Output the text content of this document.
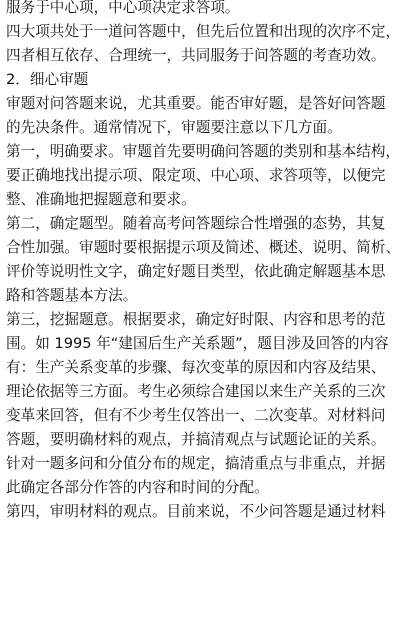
服务于中心项，中心项决定求答项。
四大项共处于一道问答题中，但先后位置和出现的次序不定，
四者相互依存、合理统一，共同服务于问答题的考查功效。
2．细心审题
审题对问答题来说，尤其重要。能否审好题，是答好问答题
的先决条件。通常情况下，审题要注意以下几方面。
第一，明确要求。审题首先要明确问答题的类别和基本结构，
要正确地找出提示项、限定项、中心项、求答项等，以便完
整、准确地把握题意和要求。
第二，确定题型。随着高考问答题综合性增强的态势，其复
合性加强。审题时要根据提示项及简述、概述、说明、简析、
评价等说明性文字，确定好题目类型，依此确定解题基本思
路和答题基本方法。
第三，挖掘题意。根据要求，确定好时限、内容和思考的范
围。如 1995 年“建国后生产关系题”，题目涉及回答的内容
有：生产关系变革的步骤、每次变革的原因和内容及结果、
理论依据等三方面。考生必须综合建国以来生产关系的三次
变革来回答，但有不少考生仅答出一、二次变革。对材料问
答题，要明确材料的观点，并搞清观点与试题论证的关系。
针对一题多问和分值分布的规定，搞清重点与非重点，并据
此确定各部分作答的内容和时间的分配。
第四，审明材料的观点。目前来说，不少问答题是通过材料
